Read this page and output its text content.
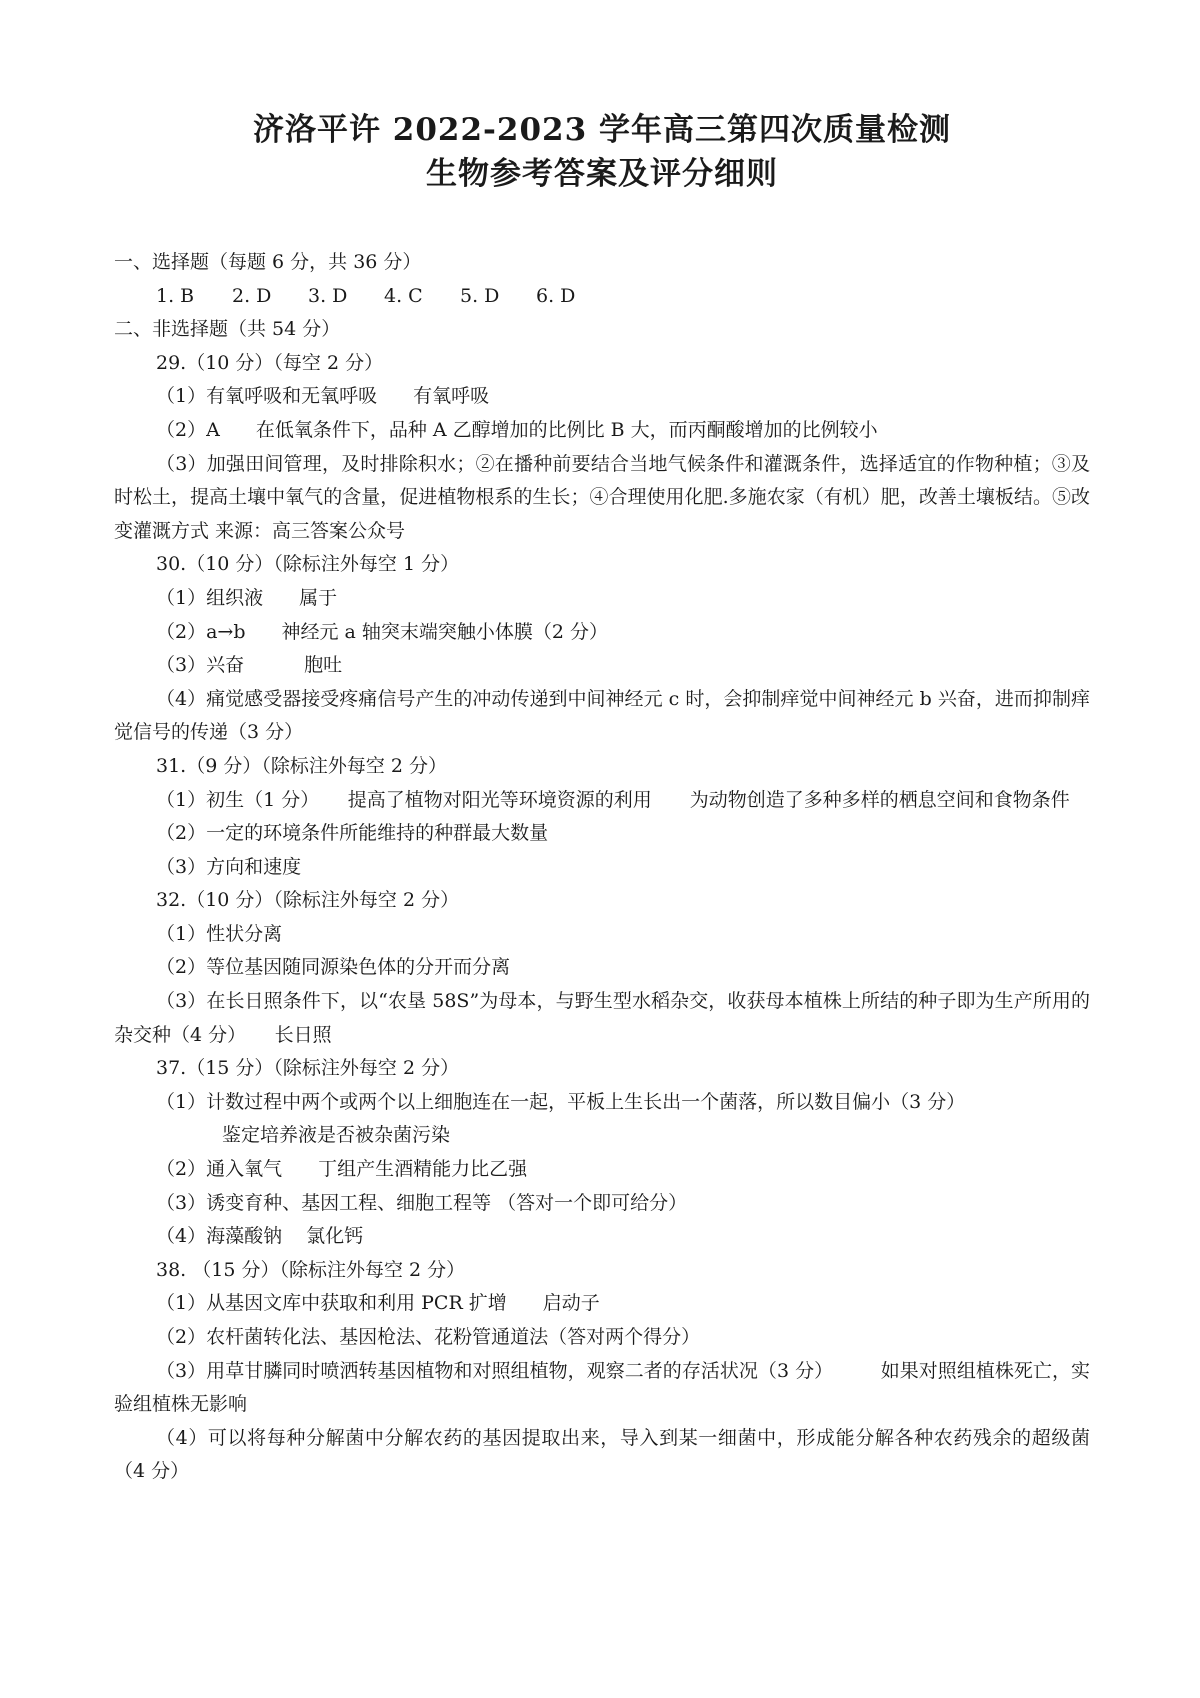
济洛平许 2022-2023 学年高三第四次质量检测
生物参考答案及评分细则

一、选择题（每题 6 分，共 36 分）

1. B	2. D	3. D	4. C	5. D	6. D

二、非选择题（共 54 分）

29.（10 分）（每空 2 分）

（1）有氧呼吸和无氧呼吸 有氧呼吸

（2）A 在低氧条件下，品种 A 乙醇增加的比例比 B 大，而丙酮酸增加的比例较小

（3）加强田间管理，及时排除积水；②在播种前要结合当地气候条件和灌溉条件，选择适宜的作物种植；③及时松土，提高土壤中氧气的含量，促进植物根系的生长；④合理使用化肥.多施农家（有机）肥，改善土壤板结。⑤改变灌溉方式 来源：高三答案公众号

30.（10 分）（除标注外每空 1 分）

（1）组织液 属于

（2）a→b 神经元 a 轴突末端突触小体膜（2 分）

（3）兴奋	胞吐

（4）痛觉感受器接受疼痛信号产生的冲动传递到中间神经元 c 时，会抑制痒觉中间神经元 b 兴奋，进而抑制痒觉信号的传递（3 分）

31.（9 分）（除标注外每空 2 分）

（1）初生（1 分）　　提高了植物对阳光等环境资源的利用　　为动物创造了多种多样的栖息空间和食物条件

（2）一定的环境条件所能维持的种群最大数量

（3）方向和速度

32.（10 分）（除标注外每空 2 分）

（1）性状分离

（2）等位基因随同源染色体的分开而分离

（3）在长日照条件下，以“农垦 58S”为母本，与野生型水稻杂交，收获母本植株上所结的种子即为生产所用的杂交种（4 分）　　长日照

37.（15 分）（除标注外每空 2 分）

（1）计数过程中两个或两个以上细胞连在一起，平板上生长出一个菌落，所以数目偏小（3 分）

鉴定培养液是否被杂菌污染

（2）通入氧气 丁组产生酒精能力比乙强

（3）诱变育种、基因工程、细胞工程等 （答对一个即可给分）

（4）海藻酸钠 氯化钙

38. （15 分）（除标注外每空 2 分）

（1）从基因文库中获取和利用 PCR 扩增 启动子

（2）农杆菌转化法、基因枪法、花粉管通道法（答对两个得分）

（3）用草甘膦同时喷洒转基因植物和对照组植物，观察二者的存活状况（3 分）　　　如果对照组植株死亡，实验组植株无影响

（4）可以将每种分解菌中分解农药的基因提取出来，导入到某一细菌中，形成能分解各种农药残余的超级菌（4 分）
